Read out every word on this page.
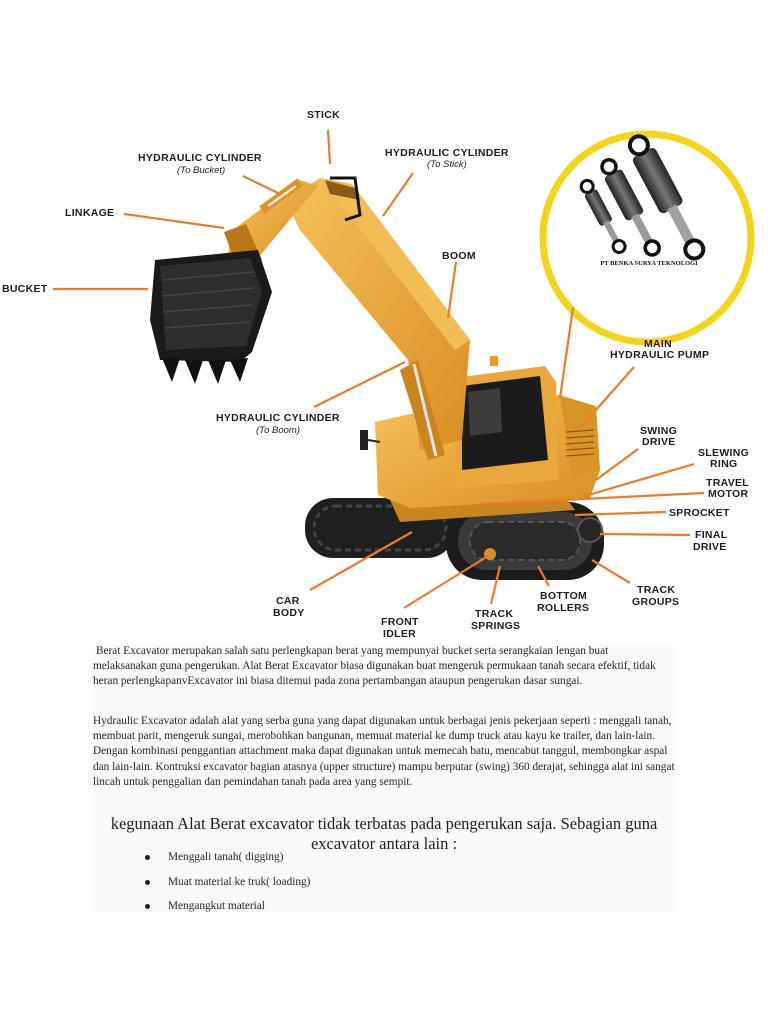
PT BENKA SURYA TEKNOLOGI
STICK
HYDRAULIC CYLINDER
(To Bucket)
HYDRAULIC CYLINDER
(To Stick)
LINKAGE
BUCKET
BOOM
MAIN
HYDRAULIC PUMP
HYDRAULIC CYLINDER
(To Boom)	SWING
DRIVE
SLEWING
RING
TRAVEL
MOTOR
SPROCKET
FINAL
DRIVE
CAR
BODY
FRONT
IDLER
TRACK
SPRINGS
BOTTOM
ROLLERS
TRACK
GROUPS

Berat Excavator merupakan salah satu perlengkapan berat yang mempunyai bucket serta serangkaian lengan buat melaksanakan guna pengerukan. Alat Berat Excavator biasa digunakan buat mengeruk permukaan tanah secara efektif, tidak heran perlengkapanvExcavator ini biasa ditemui pada zona pertambangan ataupun pengerukan dasar sungai.

Hydraulic Excavator adalah alat yang serba guna yang dapat digunakan untuk berbagai jenis pekerjaan seperti : menggali tanah, membuat parit, mengeruk sungai, merobohkan bangunan, memuat material ke dump truck atau kayu ke trailer, dan lain-lain. Dengan kombinasi penggantian attachment maka dapat digunakan untuk memecah batu, mencabut tanggul, membongkar aspal dan lain-lain. Kontruksi excavator bagian atasnya (upper structure) mampu berputar (swing) 360 derajat, sehingga alat ini sangat lincah untuk penggalian dan pemindahan tanah pada area yang sempit.

kegunaan Alat Berat excavator tidak terbatas pada pengerukan saja. Sebagian guna excavator antara lain :

Menggali tanah( digging)
Muat material ke truk( loading)
Mengangkut material
